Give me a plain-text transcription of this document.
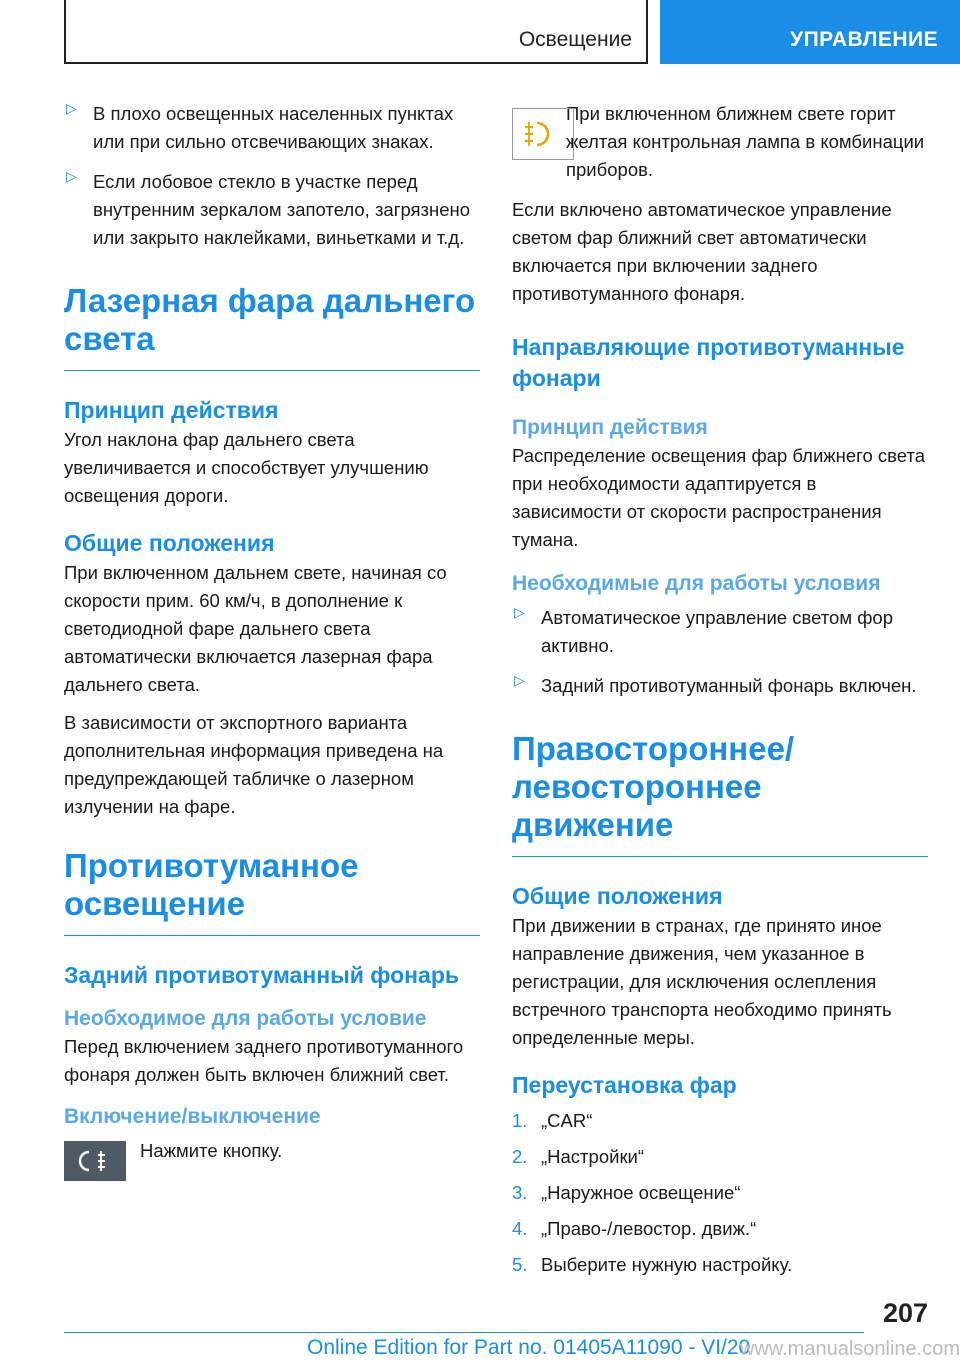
Освещение	УПРАВЛЕНИЕ
▷ В плохо освещенных населенных пунктах или при сильно отсвечивающих знаках.

▷ Если лобовое стекло в участке перед внутренним зеркалом запотело, загрязнено или закрыто наклейками, виньетками и т.д.

Лазерная фара дальнего света
Принцип действия

Угол наклона фар дальнего света увеличивается и способствует улучшению освещения дороги.

Общие положения

При включенном дальнем свете, начиная со скорости прим. 60 км/ч, в дополнение к светодиодной фаре дальнего света автоматически включается лазерная фара дальнего света.

В зависимости от экспортного варианта дополнительная информация приведена на предупреждающей табличке о лазерном излучении на фаре.

Противотуманное освещение
Задний противотуманный фонарь
Необходимое для работы условие

Перед включением заднего противотуманного фонаря должен быть включен ближний свет.

Включение/выключение

Нажмите кнопку.

При включенном ближнем свете горит желтая контрольная лампа в комбинации приборов.

Если включено автоматическое управление светом фар ближний свет автоматически включается при включении заднего противотуманного фонаря.

Направляющие противотуманные фонари
Принцип действия

Распределение освещения фар ближнего света при необходимости адаптируется в зависимости от скорости распространения тумана.

Необходимые для работы условия
▷ Автоматическое управление светом фор активно.

▷ Задний противотуманный фонарь включен.

Правостороннее/ левостороннее движение
Общие положения

При движении в странах, где принято иное направление движения, чем указанное в регистрации, для исключения ослепления встречного транспорта необходимо принять определенные меры.

Переустановка фар

1. „CAR“

2. „Настройки“

3. „Наружное освещение“

4. „Право-/левостор. движ.“

5. Выберите нужную настройку.

207
Online Edition for Part no. 01405A11090 - VI/20
www.manualsonline.com
